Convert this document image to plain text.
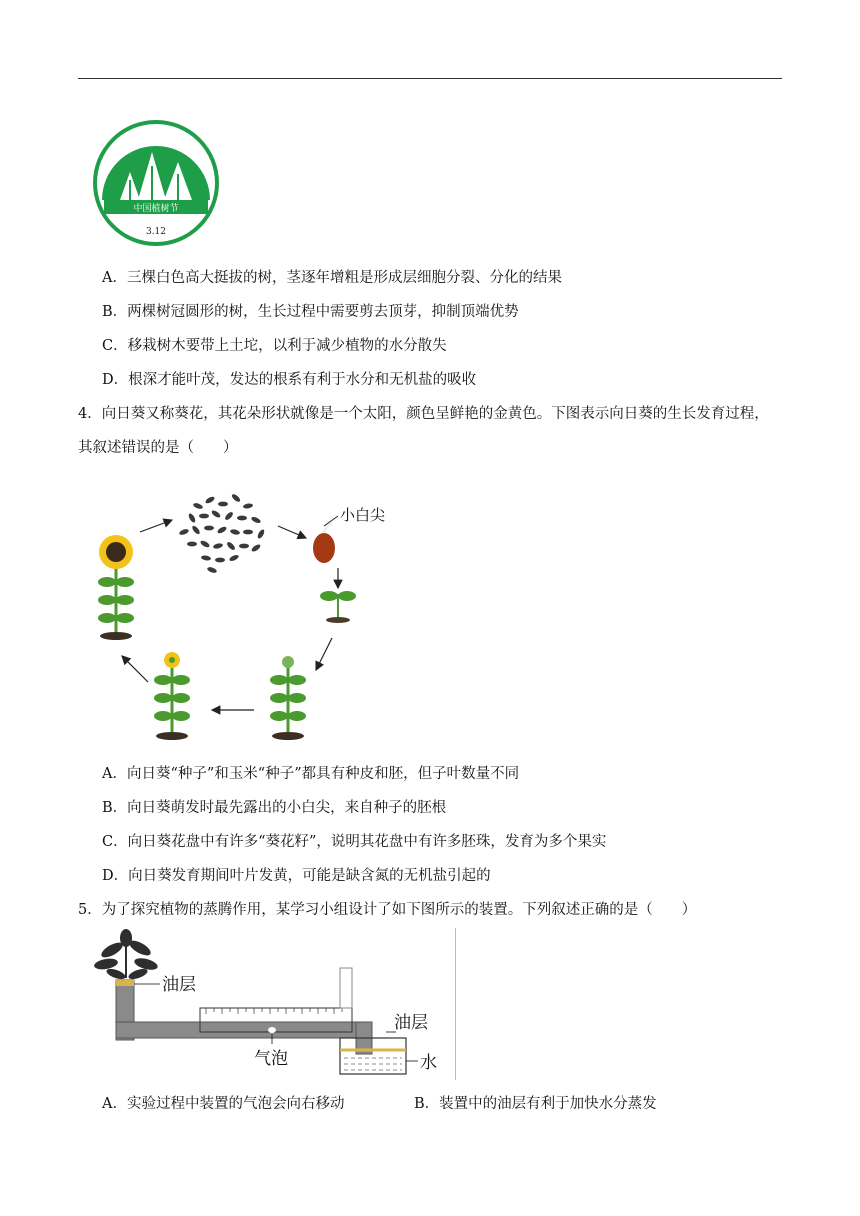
中国植树节
3.12
A．三棵白色高大挺拔的树，茎逐年增粗是形成层细胞分裂、分化的结果
B．两棵树冠圆形的树，生长过程中需要剪去顶芽，抑制顶端优势
C．移栽树木要带上土坨，以利于减少植物的水分散失
D．根深才能叶茂，发达的根系有利于水分和无机盐的吸收
4．向日葵又称葵花，其花朵形状就像是一个太阳，颜色呈鲜艳的金黄色。下图表示向日葵的生长发育过程，
其叙述错误的是（　　）
小白尖
A．向日葵“种子”和玉米“种子”都具有种皮和胚，但子叶数量不同
B．向日葵萌发时最先露出的小白尖，来自种子的胚根
C．向日葵花盘中有许多“葵花籽”，说明其花盘中有许多胚珠，发育为多个果实
D．向日葵发育期间叶片发黄，可能是缺含氮的无机盐引起的
5．为了探究植物的蒸腾作用，某学习小组设计了如下图所示的装置。下列叙述正确的是（　　）
油层
气泡
油层
水
A．实验过程中装置的气泡会向右移动	B．装置中的油层有利于加快水分蒸发
